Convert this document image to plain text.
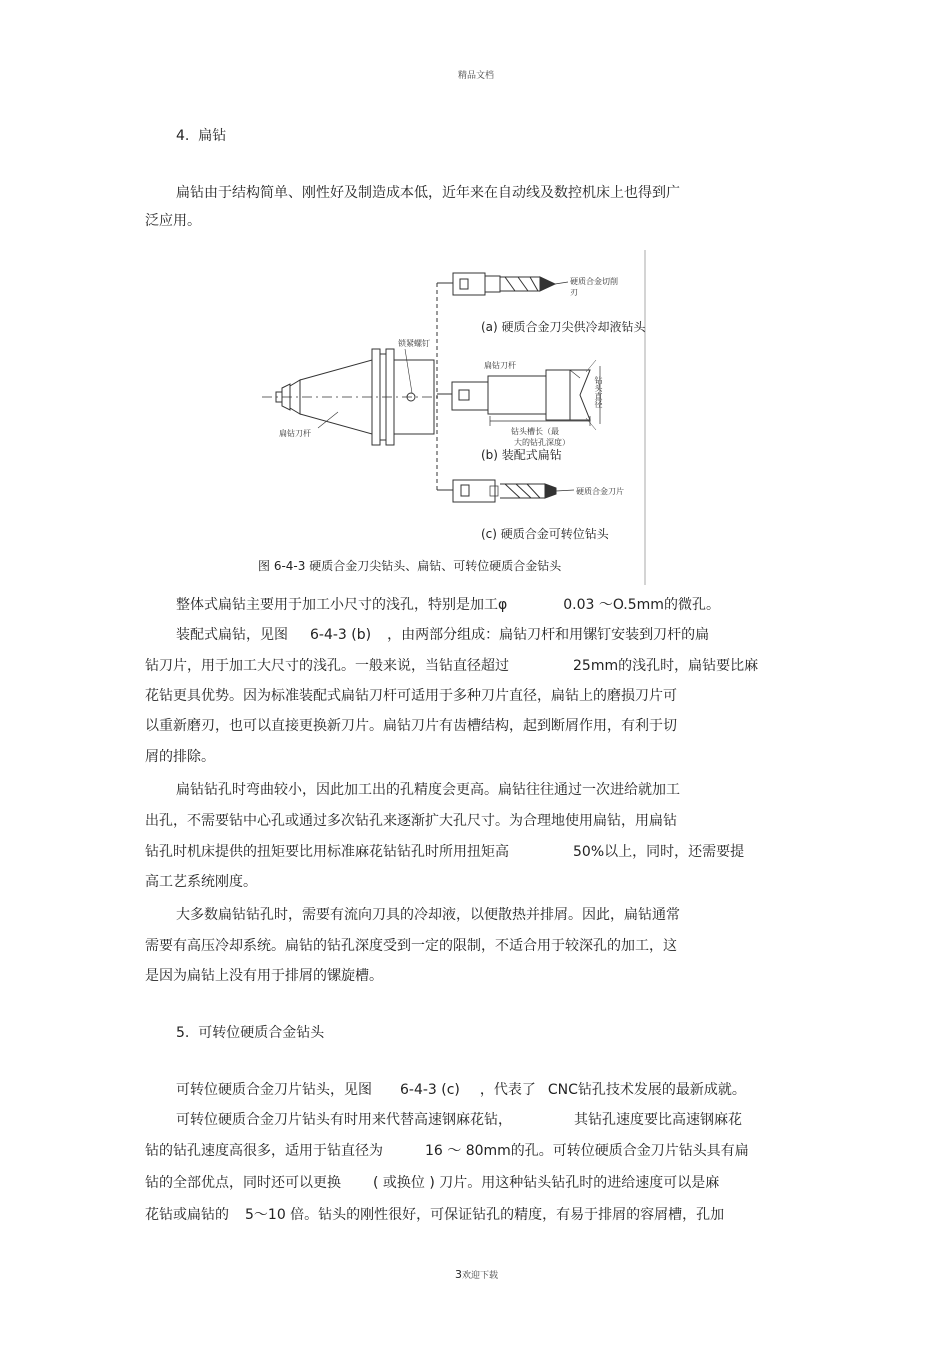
精品文档
4. 扁钻
扁钻由于结构简单、刚性好及制造成本低，近年来在自动线及数控机床上也得到广
泛应用。
硬质合金切削
刃
(a) 硬质合金刀尖供冷却液钻头
锁紧螺钉
扁钻刀杆
钻头直径
钻头槽长（最
大的钻孔深度）
扁钻刀杆
(b) 装配式扁钻
硬质合金刀片
(c) 硬质合金可转位钻头
图 6-4-3 硬质合金刀尖钻头、扁钻、可转位硬质合金钻头
整体式扁钻主要用于加工小尺寸的浅孔，特别是加工φ	0.03 ～O.5mm的微孔。
装配式扁钻，见图 6-4-3 (b) ，由两部分组成：扁钻刀杆和用镙钉安装到刀杆的扁
钻刀片，用于加工大尺寸的浅孔。一般来说，当钻直径超过	25mm的浅孔时，扁钻要比麻
花钻更具优势。因为标准装配式扁钻刀杆可适用于多种刀片直径，扁钻上的磨损刀片可
以重新磨刃，也可以直接更换新刀片。扁钻刀片有齿槽结构，起到断屑作用，有利于切
屑的排除。
扁钻钻孔时弯曲较小，因此加工出的孔精度会更高。扁钻往往通过一次进给就加工
出孔，不需要钻中心孔或通过多次钻孔来逐渐扩大孔尺寸。为合理地使用扁钻，用扁钻
钻孔时机床提供的扭矩要比用标准麻花钻钻孔时所用扭矩高	50%以上，同时，还需要提
高工艺系统刚度。
大多数扁钻钻孔时，需要有流向刀具的冷却液，以便散热并排屑。因此，扁钻通常
需要有高压冷却系统。扁钻的钻孔深度受到一定的限制，不适合用于较深孔的加工，这
是因为扁钻上没有用于排屑的镙旋槽。
5. 可转位硬质合金钻头
可转位硬质合金刀片钻头，见图 6-4-3 (c) ，代表了 CNC钻孔技术发展的最新成就。
可转位硬质合金刀片钻头有时用来代替高速钢麻花钻，	其钻孔速度要比高速钢麻花
钻的钻孔速度高很多，适用于钻直径为	16 ～ 80mm的孔。可转位硬质合金刀片钻头具有扁
钻的全部优点，同时还可以更换 ( 或换位 ) 刀片。用这种钻头钻孔时的进给速度可以是麻
花钻或扁钻的 5～10 倍。钻头的刚性很好，可保证钻孔的精度，有易于排屑的容屑槽，孔加
3欢迎下载
